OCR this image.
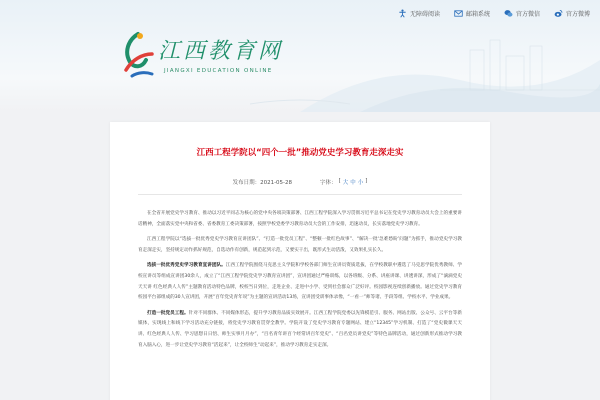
无障碍阅读	邮箱系统	官方微信	官方微博
江西教育网
JIANGXI EDUCATION ONLINE
江西工程学院以“四个一批”推动党史学习教育走深走实
发布日期：2021-05-28	字体： [ 大 中 小 ]

在全省开展党史学习教育、推动以习近平同志为核心的党中央各项决策部署、江西工程学院深入学习贯彻习近平总书记在党史学习教育动员大会上的重要讲话精神，全面落实党中央和省委、省委教育工委决策部署，按照学校党委学习教育动员大会的工作安排，迅速动员，长实落地党史学习教育。

江西工程学院以“选拔一批优秀党史学习教育宣讲团队”、“打造一批党员工程”、“整顿一批红色故事”、“解决一批‘急难愁盼’问题”为抓手，推动党史学习教育走深走实，坚持规定动作抓好规范，自选动作有创新，规范起到示范，又要实干出，既形式生动活泼，又效果扎实长久。

选拔一批优秀党史学习教育宣讲团队。江西工程学院围绕马克思主义学院和学校各部门师生宣讲员资质选拔，在学校教职中遴选了马克思学院优秀教师、学校宣讲员等组成宣讲团30余人，成立了“江西工程学院党史学习教育宣讲团”，宣讲团通过严格训练，以各班级、分系、讲座讲课、讲透讲深，形成了“滴滴党史天天讲 红色经典人人传”主题教育活动特色品牌，校校当日到位，走进企业、走进中小学、受到社会群众广泛好评。校园影视连续创新播放。通过党史学习教育校园平台部组成的30人宣讲团，开展“百年党史青年说”为主题的宣讲活动13场，宣讲团受训事体录像，“一看一”师等诸、手段等组、学校水平、学业成果。

打造一批党员工程。针对不同群体、不同媒体形态，提升学习教育品质实效展开。江西工程学院党委以先锋模范引、服务、网站出版、公众号、云平台等新媒体，实现线上和线下学习活动充分链接，将党史学习教育贯穿全教学。学院开设了党史学习教育专题网站、建立“12345”学习机制、打造了“党史微课天天讲、红色经典人人传、学习思想日日悟、师生实事月月办”，“百名青年讲百个经常讲百年党史”、“百名党员讲党史”等特色品牌活动，通过创新形式推动学习教育入脑入心，进一步让党史学习教育“活起来”，让全校师生“动起来”，推动学习教育走实走深。
